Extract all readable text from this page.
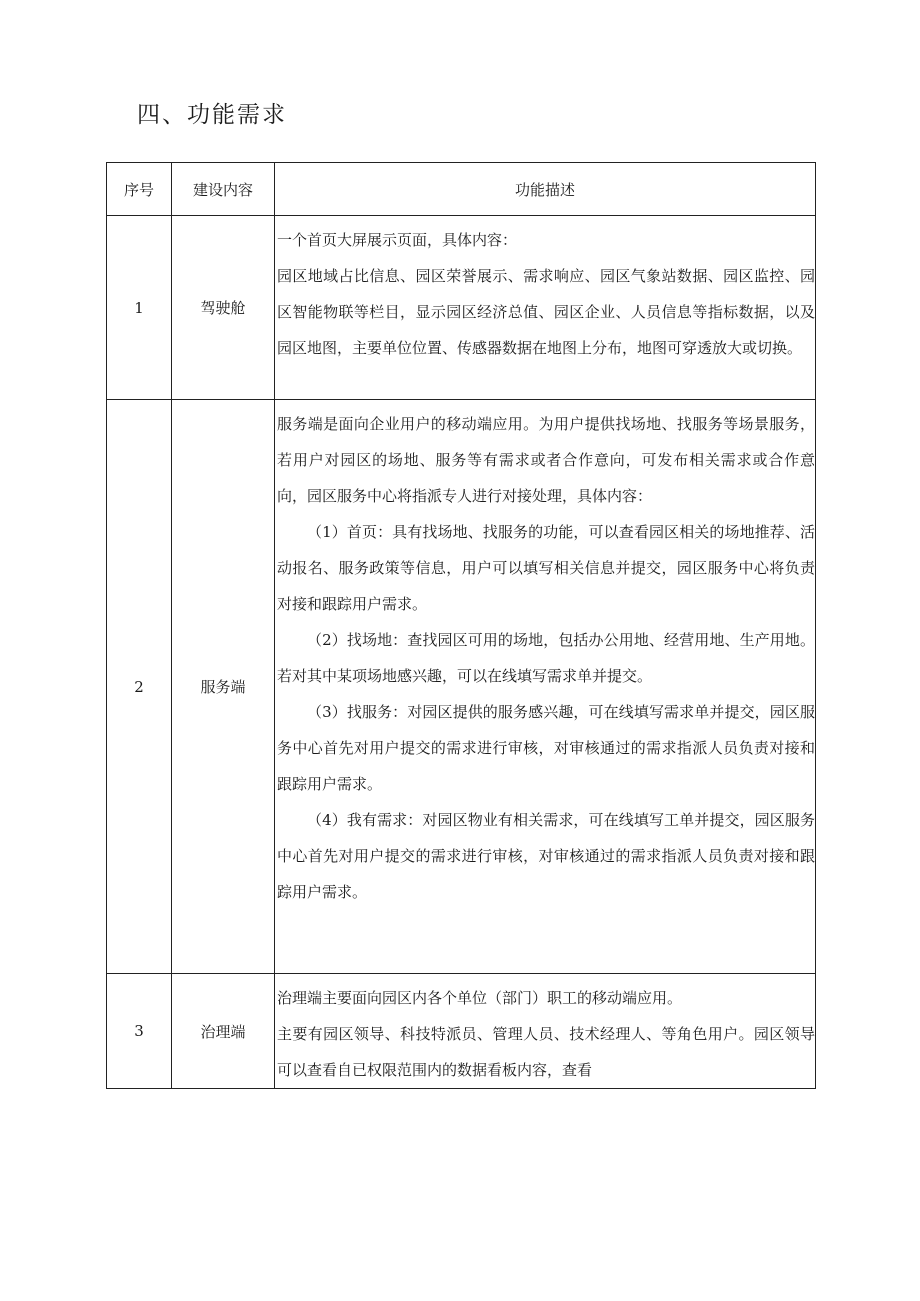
四、功能需求
序号	建设内容	功能描述
1	驾驶舱	一个首页大屏展示页面，具体内容：

园区地域占比信息、园区荣誉展示、需求响应、园区气象站数据、园区监控、园区智能物联等栏目，显示园区经济总值、园区企业、人员信息等指标数据，以及园区地图，主要单位位置、传感器数据在地图上分布，地图可穿透放大或切换。

2	服务端	服务端是面向企业用户的移动端应用。为用户提供找场地、找服务等场景服务，若用户对园区的场地、服务等有需求或者合作意向，可发布相关需求或合作意向，园区服务中心将指派专人进行对接处理，具体内容：

（1）首页：具有找场地、找服务的功能，可以查看园区相关的场地推荐、活动报名、服务政策等信息，用户可以填写相关信息并提交，园区服务中心将负责对接和跟踪用户需求。

（2）找场地：查找园区可用的场地，包括办公用地、经营用地、生产用地。若对其中某项场地感兴趣，可以在线填写需求单并提交。

（3）找服务：对园区提供的服务感兴趣，可在线填写需求单并提交，园区服务中心首先对用户提交的需求进行审核，对审核通过的需求指派人员负责对接和跟踪用户需求。

（4）我有需求：对园区物业有相关需求，可在线填写工单并提交，园区服务中心首先对用户提交的需求进行审核，对审核通过的需求指派人员负责对接和跟踪用户需求。

3	治理端	治理端主要面向园区内各个单位（部门）职工的移动端应用。

主要有园区领导、科技特派员、管理人员、技术经理人、等角色用户。园区领导可以查看自已权限范围内的数据看板内容，查看
